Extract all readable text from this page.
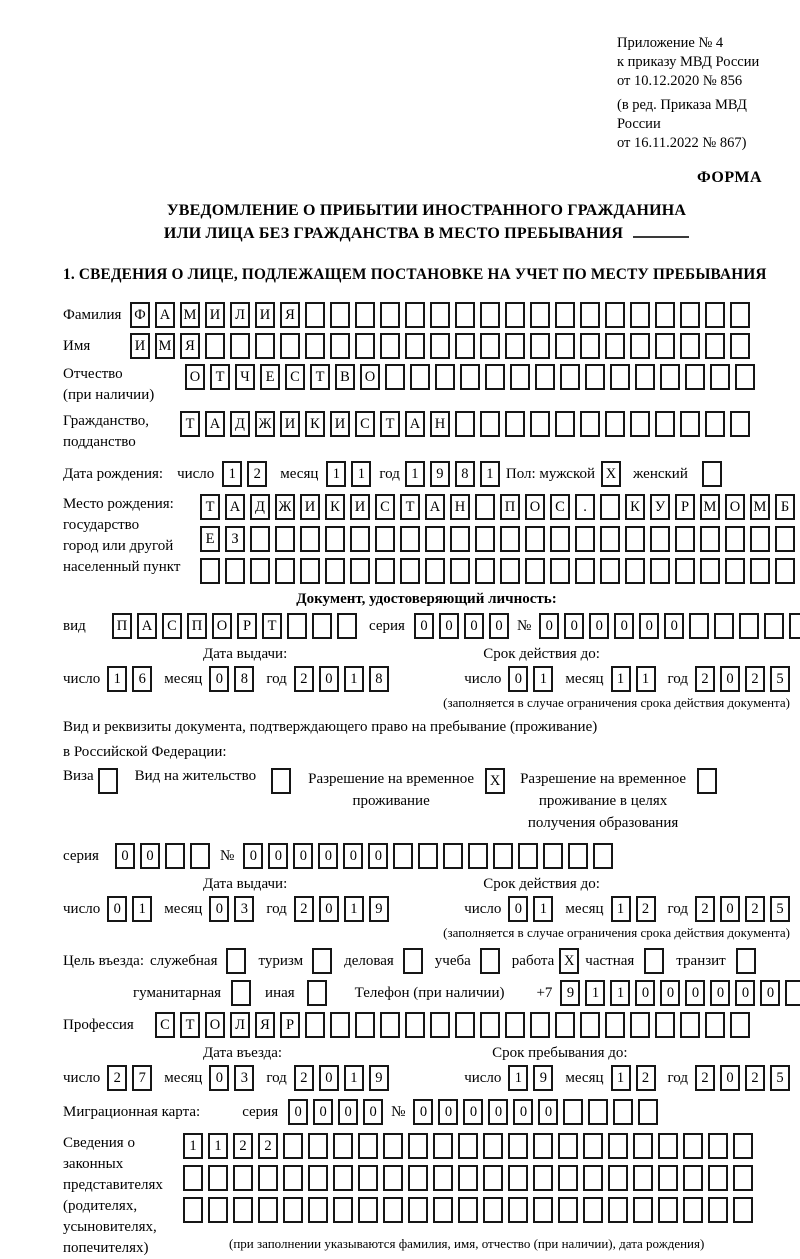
Приложение № 4
к приказу МВД России
от 10.12.2020 № 856
(в ред. Приказа МВД России
от 16.11.2022 № 867)
ФОРМА
УВЕДОМЛЕНИЕ О ПРИБЫТИИ ИНОСТРАННОГО ГРАЖДАНИНА
ИЛИ ЛИЦА БЕЗ ГРАЖДАНСТВА В МЕСТО ПРЕБЫВАНИЯ
1. СВЕДЕНИЯ О ЛИЦЕ, ПОДЛЕЖАЩЕМ ПОСТАНОВКЕ НА УЧЕТ ПО МЕСТУ ПРЕБЫВАНИЯ
Фамилия Ф А М И	Л	И	Я
Имя	И М Я
Отчество
(при наличии)
О	Т	Ч	Е	С	Т	В	О
Гражданство,
подданство
Т	А	Д Ж И	К	И	С	Т	А	Н
Дата рождения: число 1	2	месяц 1	1 год 1	9	8	1 Пол: мужской X	женский
Место рождения:
государство
город или другой
населенный пункт
Т	А	Д Ж И	К	И	С	Т	А	Н	П	О	С	.	К	У	Р	М О М Б
Е	З
Документ, удостоверяющий личность:
вид	П	А	С	П	О	Р	Т	серия	0	0	0	0 № 0	0	0	0	0	0
Дата выдачи:	Срок действия до:
число 1	6	месяц 0	8	год 2	0	1	8	число 0	1	месяц 1	1	год 2	0	2	5
(заполняется в случае ограничения срока действия документа)
Вид и реквизиты документа, подтверждающего право на пребывание (проживание)
в Российской Федерации:
Виза	Вид на жительство	Разрешение на временное
проживание
X	Разрешение на временное
проживание в целях
получения образования
серия	0	0	№	0	0	0	0	0	0
Дата выдачи:	Срок действия до:
число 0	1	месяц 0	3	год 2	0	1	9	число 0	1	месяц 1	2	год 2	0	2	5
(заполняется в случае ограничения срока действия документа)
Цель въезда: служебная	туризм	деловая	учеба	работа X частная	транзит
гуманитарная	иная	Телефон (при наличии) +7 9	1	1	0	0	0	0	0	0
Профессия	С	Т	О	Л	Я	Р
Дата въезда:	Срок пребывания до:
число 2	7	месяц 0	3	год 2	0	1	9	число 1	9	месяц 1	2	год 2	0	2	5
Миграционная карта:	серия	0	0	0	0 № 0	0	0	0	0	0
Сведения о
законных
представителях
(родителях,
усыновителях,
попечителях)
1	1	2	2
(при заполнении указываются фамилия, имя, отчество (при наличии), дата рождения)
